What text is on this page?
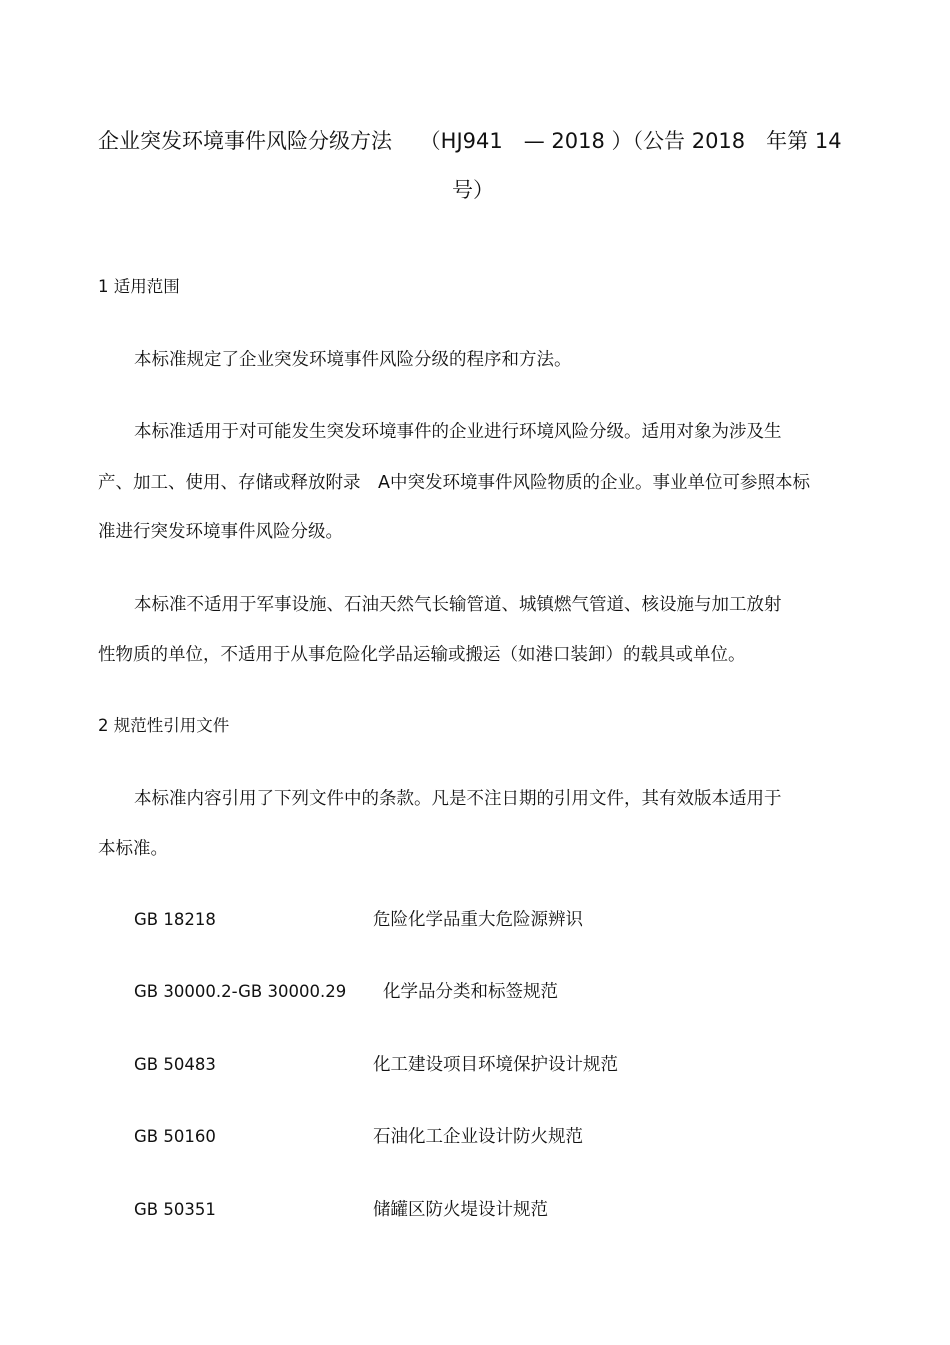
企业突发环境事件风险分级方法　 （HJ941　— 2018 ）（公告 2018　年第 14
号）
1 适用范围
本标准规定了企业突发环境事件风险分级的程序和方法。
本标准适用于对可能发生突发环境事件的企业进行环境风险分级。适用对象为涉及生
产、加工、使用、存储或释放附录　A中突发环境事件风险物质的企业。事业单位可参照本标
准进行突发环境事件风险分级。
本标准不适用于军事设施、石油天然气长输管道、城镇燃气管道、核设施与加工放射
性物质的单位，不适用于从事危险化学品运输或搬运（如港口装卸）的载具或单位。
2 规范性引用文件
本标准内容引用了下列文件中的条款。凡是不注日期的引用文件，其有效版本适用于
本标准。
GB 18218	危险化学品重大危险源辨识
GB 30000.2-GB 30000.29 化学品分类和标签规范
GB 50483	化工建设项目环境保护设计规范
GB 50160	石油化工企业设计防火规范
GB 50351	储罐区防火堤设计规范
